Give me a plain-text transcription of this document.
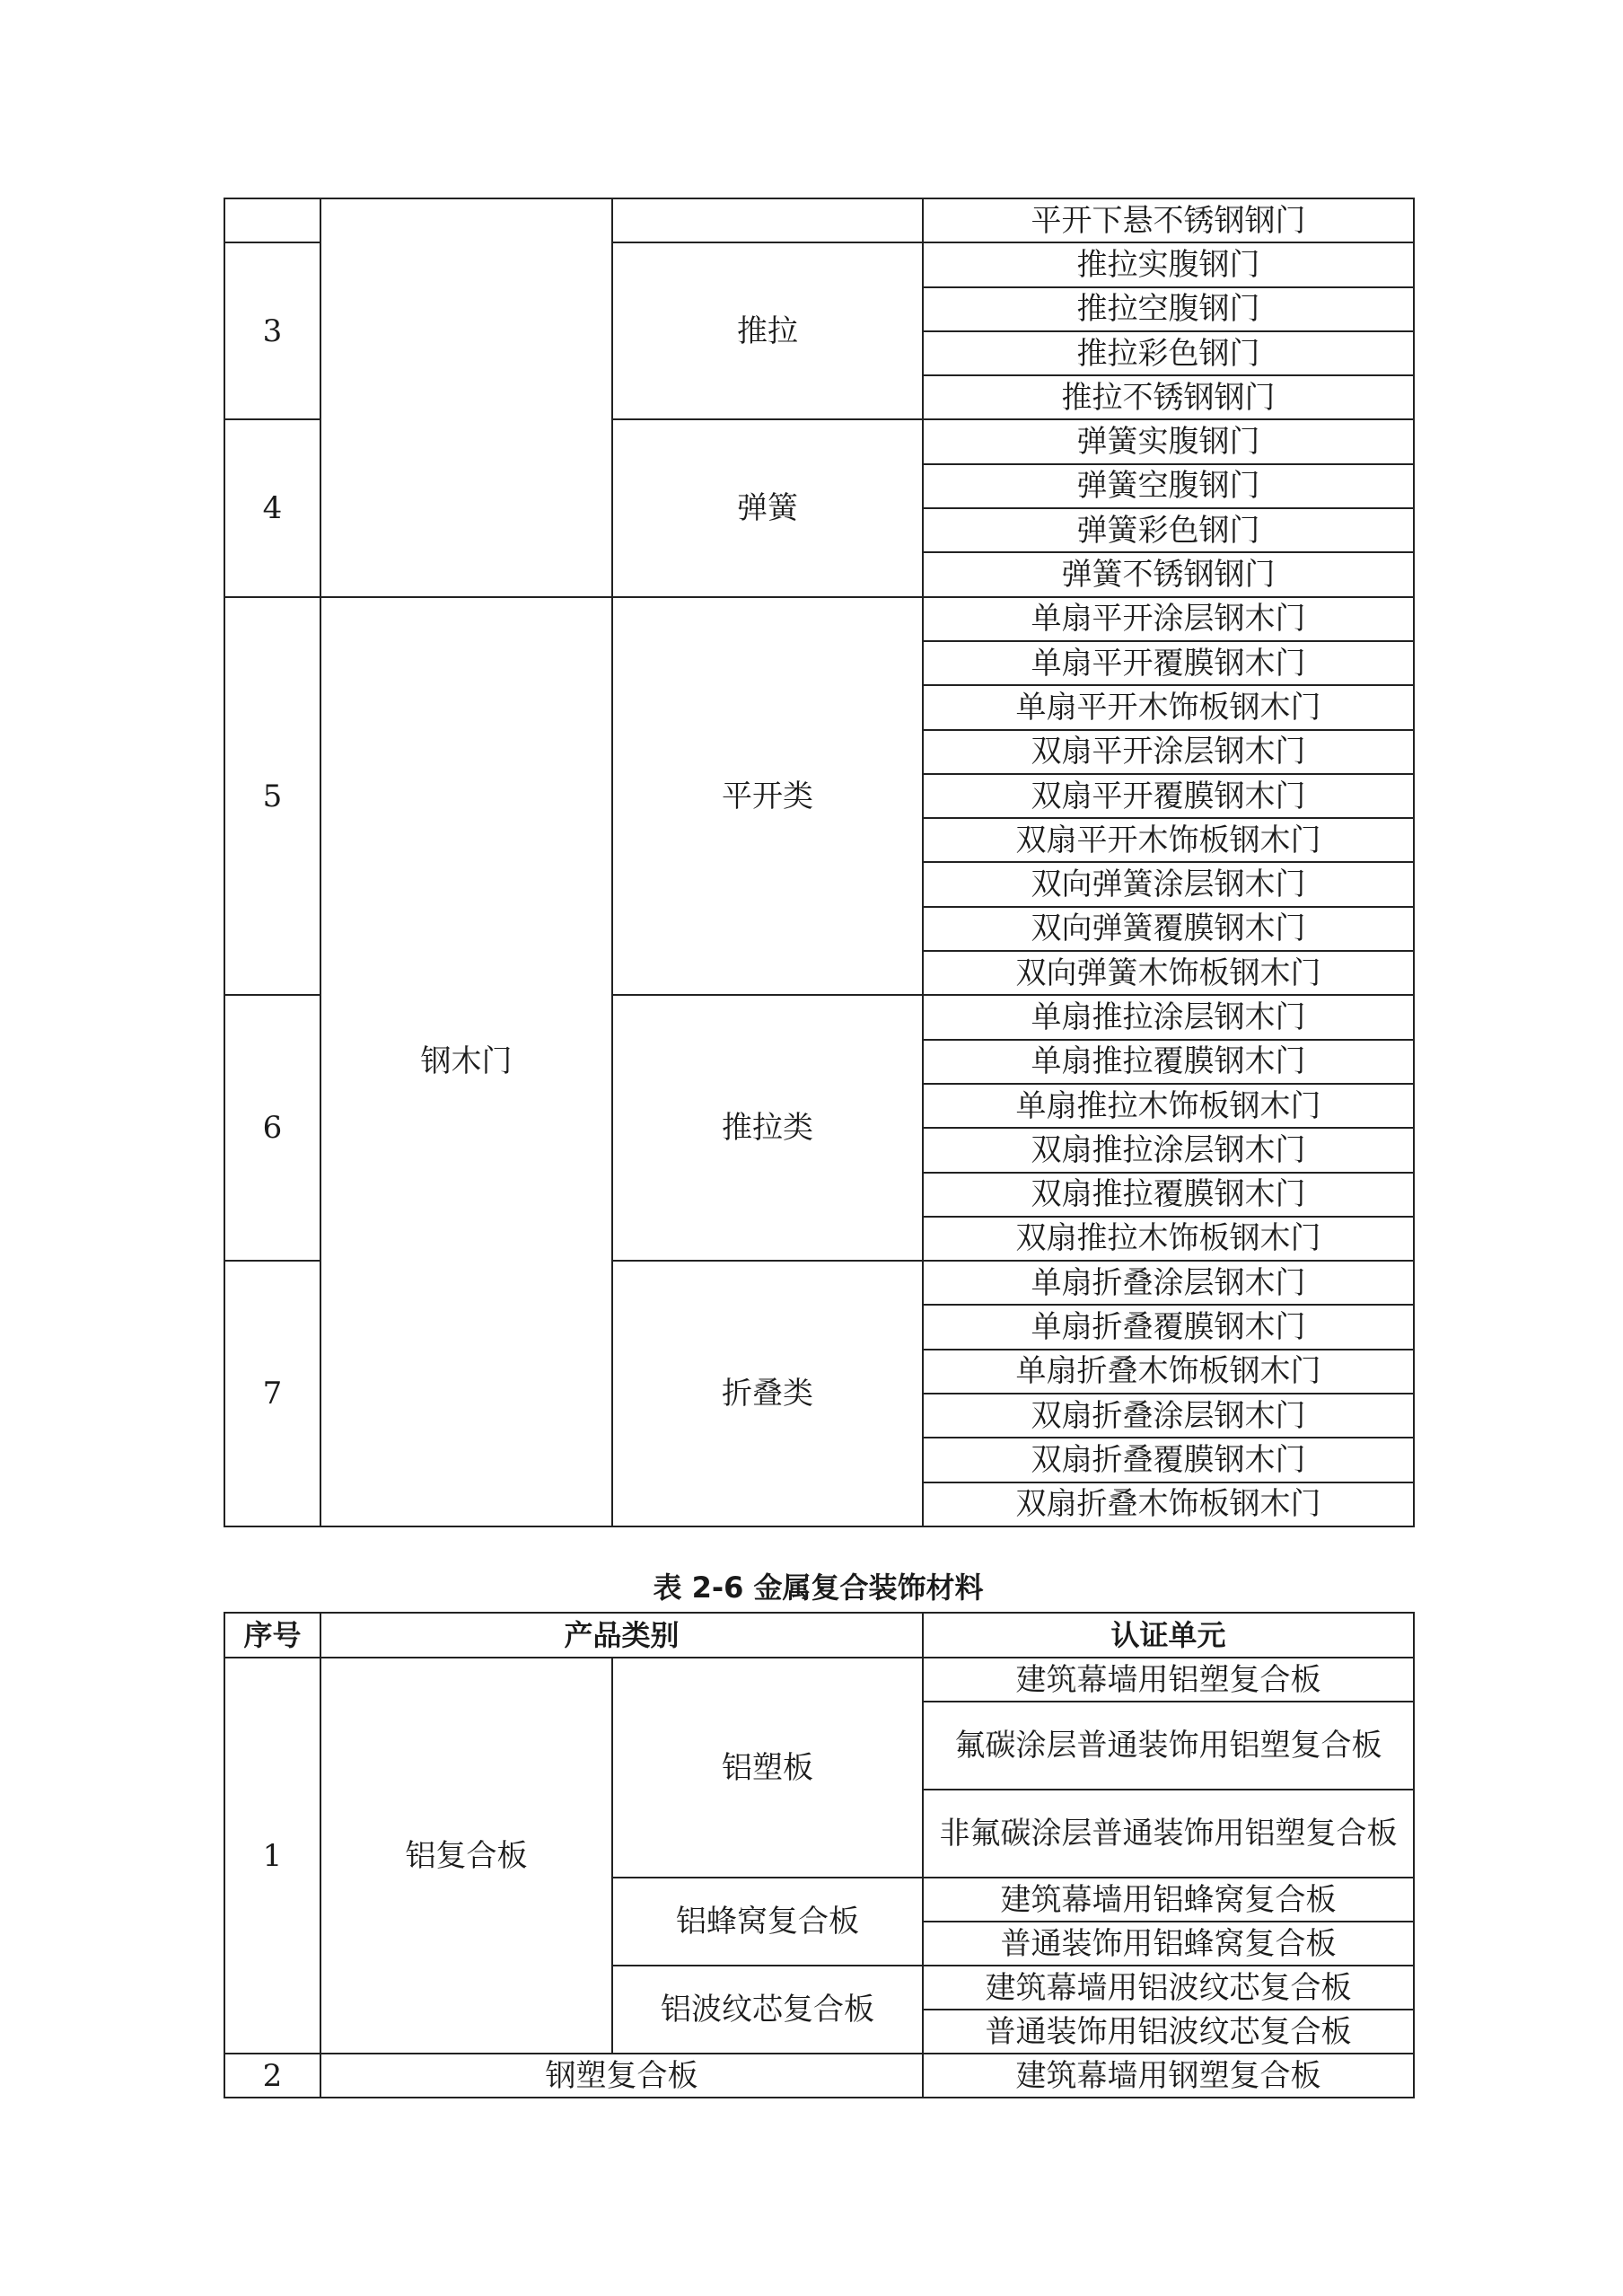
			平开下悬不锈钢钢门
3		推拉	推拉实腹钢门
			推拉空腹钢门
			推拉彩色钢门
			推拉不锈钢钢门
4		弹簧	弹簧实腹钢门
			弹簧空腹钢门
			弹簧彩色钢门
			弹簧不锈钢钢门
5	钢木门	平开类	单扇平开涂层钢木门
			单扇平开覆膜钢木门
			单扇平开木饰板钢木门
			双扇平开涂层钢木门
			双扇平开覆膜钢木门
			双扇平开木饰板钢木门
			双向弹簧涂层钢木门
			双向弹簧覆膜钢木门
			双向弹簧木饰板钢木门
6		推拉类	单扇推拉涂层钢木门
			单扇推拉覆膜钢木门
			单扇推拉木饰板钢木门
			双扇推拉涂层钢木门
			双扇推拉覆膜钢木门
			双扇推拉木饰板钢木门
7		折叠类	单扇折叠涂层钢木门
			单扇折叠覆膜钢木门
			单扇折叠木饰板钢木门
			双扇折叠涂层钢木门
			双扇折叠覆膜钢木门
			双扇折叠木饰板钢木门
表 2-6 金属复合装饰材料
序号	产品类别		认证单元
1	铝复合板	铝塑板	建筑幕墙用铝塑复合板
			氟碳涂层普通装饰用铝塑复合板
			非氟碳涂层普通装饰用铝塑复合板
		铝蜂窝复合板	建筑幕墙用铝蜂窝复合板
			普通装饰用铝蜂窝复合板
		铝波纹芯复合板	建筑幕墙用铝波纹芯复合板
			普通装饰用铝波纹芯复合板
2	钢塑复合板		建筑幕墙用钢塑复合板
